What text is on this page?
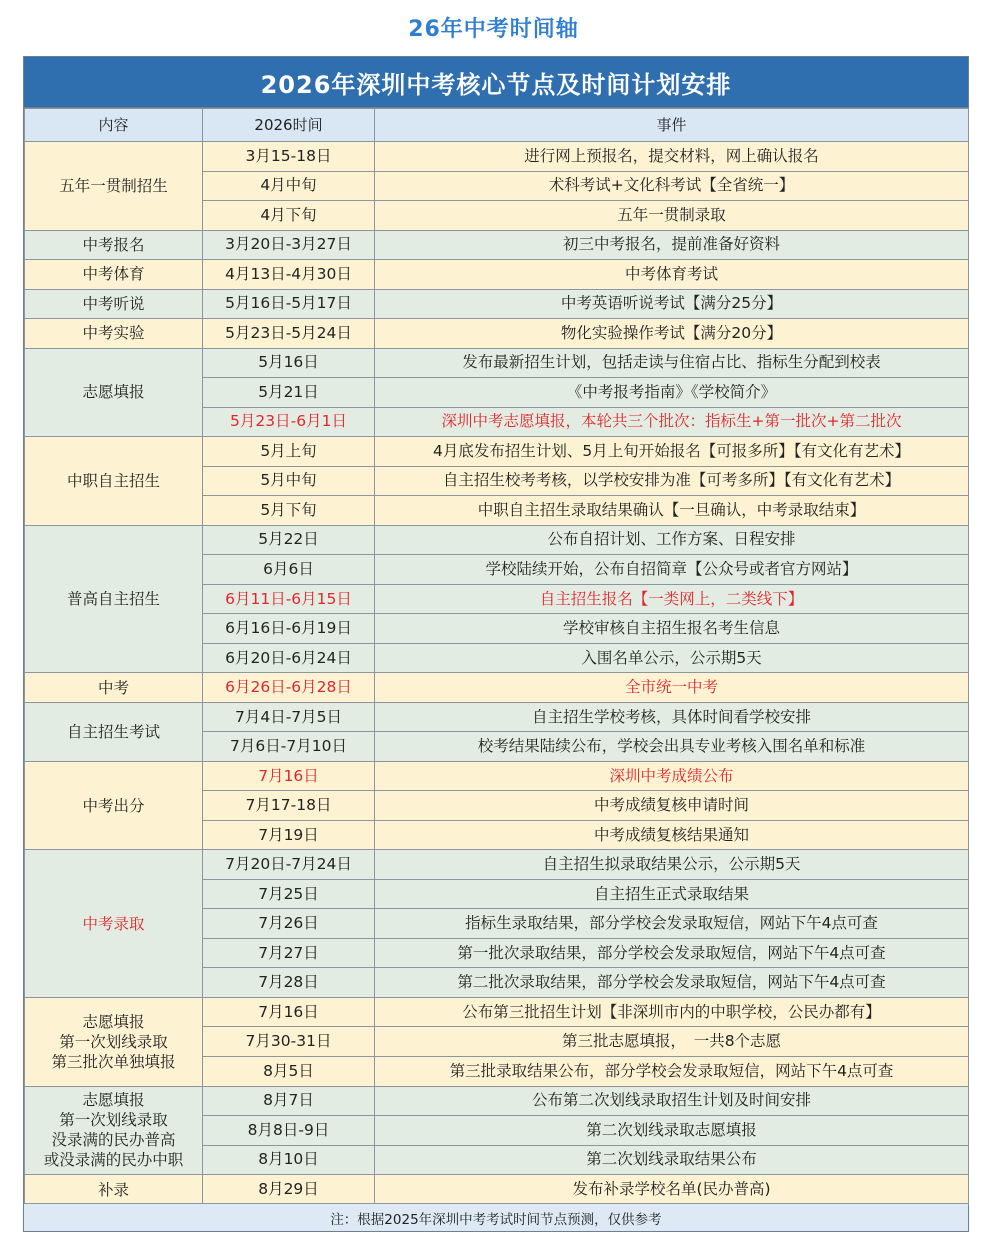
26年中考时间轴
2026年深圳中考核心节点及时间计划安排
内容	2026时间	事件
五年一贯制招生	3月15-18日	进行网上预报名，提交材料，网上确认报名
	4月中旬	术科考试+文化科考试【全省统一】
	4月下旬	五年一贯制录取
中考报名	3月20日-3月27日	初三中考报名，提前准备好资料
中考体育	4月13日-4月30日	中考体育考试
中考听说	5月16日-5月17日	中考英语听说考试【满分25分】
中考实验	5月23日-5月24日	物化实验操作考试【满分20分】
志愿填报	5月16日	发布最新招生计划，包括走读与住宿占比、指标生分配到校表
	5月21日	《中考报考指南》《学校简介》
	5月23日-6月1日	深圳中考志愿填报，本轮共三个批次：指标生+第一批次+第二批次
中职自主招生	5月上旬	4月底发布招生计划、5月上旬开始报名【可报多所】【有文化有艺术】
	5月中旬	自主招生校考考核，以学校安排为准【可考多所】【有文化有艺术】
	5月下旬	中职自主招生录取结果确认【一旦确认，中考录取结束】
普高自主招生	5月22日	公布自招计划、工作方案、日程安排
	6月6日	学校陆续开始，公布自招简章【公众号或者官方网站】
	6月11日-6月15日	自主招生报名【一类网上，二类线下】
	6月16日-6月19日	学校审核自主招生报名考生信息
	6月20日-6月24日	入围名单公示，公示期5天
中考	6月26日-6月28日	全市统一中考
自主招生考试	7月4日-7月5日	自主招生学校考核，具体时间看学校安排
	7月6日-7月10日	校考结果陆续公布，学校会出具专业考核入围名单和标准
中考出分	7月16日	深圳中考成绩公布
	7月17-18日	中考成绩复核申请时间
	7月19日	中考成绩复核结果通知
中考录取	7月20日-7月24日	自主招生拟录取结果公示，公示期5天
	7月25日	自主招生正式录取结果
	7月26日	指标生录取结果，部分学校会发录取短信，网站下午4点可查
	7月27日	第一批次录取结果，部分学校会发录取短信，网站下午4点可查
	7月28日	第二批次录取结果，部分学校会发录取短信，网站下午4点可查
志愿填报
第一次划线录取
第三批次单独填报	7月16日	公布第三批招生计划【非深圳市内的中职学校，公民办都有】
	7月30-31日	第三批志愿填报，　一共8个志愿
	8月5日	第三批录取结果公布，部分学校会发录取短信，网站下午4点可查
志愿填报
第一次划线录取
没录满的民办普高
或没录满的民办中职	8月7日	公布第二次划线录取招生计划及时间安排
	8月8日-9日	第二次划线录取志愿填报
	8月10日	第二次划线录取结果公布
补录	8月29日	发布补录学校名单(民办普高)
注：根据2025年深圳中考考试时间节点预测，仅供参考
